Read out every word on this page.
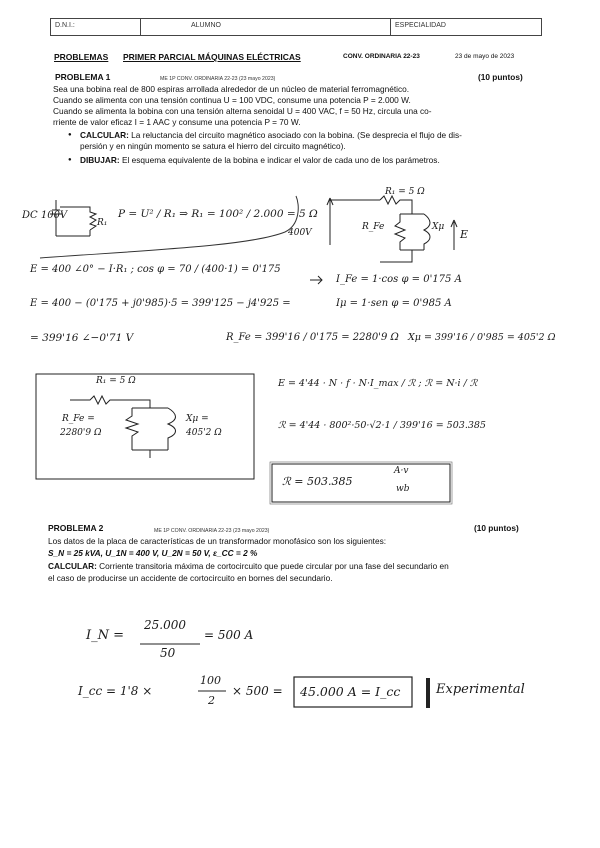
D.N.I.:	ALUMNO	ESPECIALIDAD
PROBLEMAS PRIMER PARCIAL MÁQUINAS ELÉCTRICAS	CONV. ORDINARIA 22-23	23 de mayo de 2023
PROBLEMA 1	ME 1P CONV. ORDINARIA 22-23 (23 mayo 2023)	(10 puntos)
Sea una bobina real de 800 espiras arrollada alrededor de un núcleo de material ferromagnético.
Cuando se alimenta con una tensión continua U = 100 VDC, consume una potencia P = 2.000 W.
Cuando se alimenta la bobina con una tensión alterna senoidal U = 400 VAC, f = 50 Hz, circula una co-
rriente de valor eficaz I = 1 AAC y consume una potencia P = 70 W.
● CALCULAR: La reluctancia del circuito magnético asociado con la bobina. (Se desprecia el flujo de dis-
persión y en ningún momento se satura el hierro del circuito magnético).
● DIBUJAR: El esquema equivalente de la bobina e indicar el valor de cada uno de los parámetros.
DC 100V
R₁
P = U² / R₁ ⇒ R₁ = 100² / 2.000 = 5 Ω
400V
R₁ = 5 Ω
R_Fe	Xμ
E
E = 400 ∠0° − I·R₁ ; cos φ = 70 / (400·1) = 0'175
I_Fe = 1·cos φ = 0'175 A
E = 400 − (0'175 + j0'985)·5 = 399'125 − j4'925 =	Iμ = 1·sen φ = 0'985 A
= 399'16 ∠−0'71 V	R_Fe = 399'16 / 0'175 = 2280'9 Ω Xμ = 399'16 / 0'985 = 405'2 Ω
R₁ = 5 Ω
R_Fe =
2280'9 Ω
Xμ =
405'2 Ω
E = 4'44 · N · f · N·I_max / ℛ ; ℛ = N·i / ℛ
ℛ = 4'44 · 800²·50·√2·1 / 399'16 = 503.385
ℛ = 503.385
A·v
wb
PROBLEMA 2	ME 1P CONV. ORDINARIA 22-23 (23 mayo 2023)	(10 puntos)
Los datos de la placa de características de un transformador monofásico son los siguientes:
S_N = 25 kVA, U_1N = 400 V, U_2N = 50 V, ε_CC = 2 %
CALCULAR: Corriente transitoria máxima de cortocircuito que puede circular por una fase del secundario en
el caso de producirse un accidente de cortocircuito en bornes del secundario.
I_N =
25.000
50
= 500 A
I_cc = 1'8 ×
100
2
× 500 = 45.000 A = I_cc	Experimental
